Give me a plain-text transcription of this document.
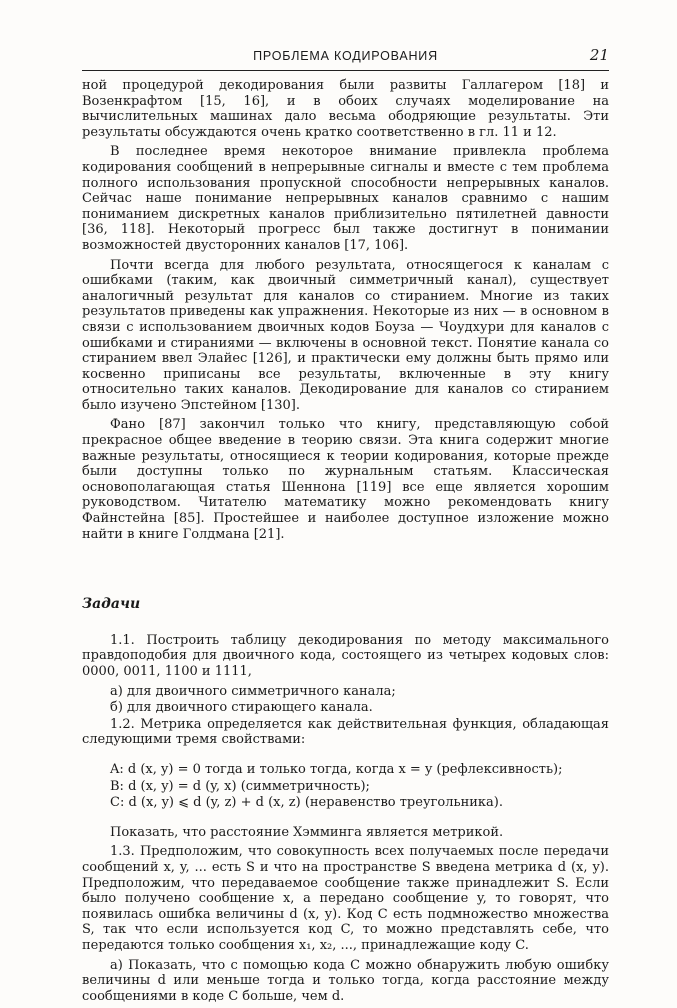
ПРОБЛЕМА КОДИРОВАНИЯ	21

ной процедурой декодирования были развиты Галлагером [18] и Возенкрафтом [15, 16], и в обоих случаях моделирование на вычислительных машинах дало весьма ободряющие результаты. Эти результаты обсуждаются очень кратко соответственно в гл. 11 и 12.

В последнее время некоторое внимание привлекла проблема кодирования сообщений в непрерывные сигналы и вместе с тем проблема полного использования пропускной способности непрерывных каналов. Сейчас наше понимание непрерывных каналов сравнимо с нашим пониманием дискретных каналов приблизительно пятилетней давности [36, 118]. Некоторый прогресс был также достигнут в понимании возможностей двусторонних каналов [17, 106].

Почти всегда для любого результата, относящегося к каналам с ошибками (таким, как двоичный симметричный канал), существует аналогичный результат для каналов со стиранием. Многие из таких результатов приведены как упражнения. Некоторые из них — в основном в связи с использованием двоичных кодов Боуза — Чоудхури для каналов с ошибками и стираниями — включены в основной текст. Понятие канала со стиранием ввел Элайес [126], и практически ему должны быть прямо или косвенно приписаны все результаты, включенные в эту книгу относительно таких каналов. Декодирование для каналов со стиранием было изучено Эпстейном [130].

Фано [87] закончил только что книгу, представляющую собой прекрасное общее введение в теорию связи. Эта книга содержит многие важные результаты, относящиеся к теории кодирования, которые прежде были доступны только по журнальным статьям. Классическая основополагающая статья Шеннона [119] все еще является хорошим руководством. Читателю математику можно рекомендовать книгу Файнстейна [85]. Простейшее и наиболее доступное изложение можно найти в книге Голдмана [21].

Задачи

1.1. Построить таблицу декодирования по методу максимального правдоподобия для двоичного кода, состоящего из четырех кодовых слов: 0000, 0011, 1100 и 1111,

а) для двоичного симметричного канала;

б) для двоичного стирающего канала.

1.2. Метрика определяется как действительная функция, обладающая следующими тремя свойствами:

A: d (x, y) = 0 тогда и только тогда, когда x = y (рефлексивность);
B: d (x, y) = d (y, x) (симметричность);
C: d (x, y) ⩽ d (y, z) + d (x, z) (неравенство треугольника).

Показать, что расстояние Хэмминга является метрикой.

1.3. Предположим, что совокупность всех получаемых после передачи сообщений x, y, ... есть S и что на пространстве S введена метрика d (x, y). Предположим, что передаваемое сообщение также принадлежит S. Если было получено сообщение x, а передано сообщение y, то говорят, что появилась ошибка величины d (x, y). Код C есть подмножество множества S, так что если используется код C, то можно представлять себе, что передаются только сообщения x₁, x₂, ..., принадлежащие коду C.

а) Показать, что с помощью кода C можно обнаружить любую ошибку величины d или меньше тогда и только тогда, когда расстояние между сообщениями в коде C больше, чем d.
